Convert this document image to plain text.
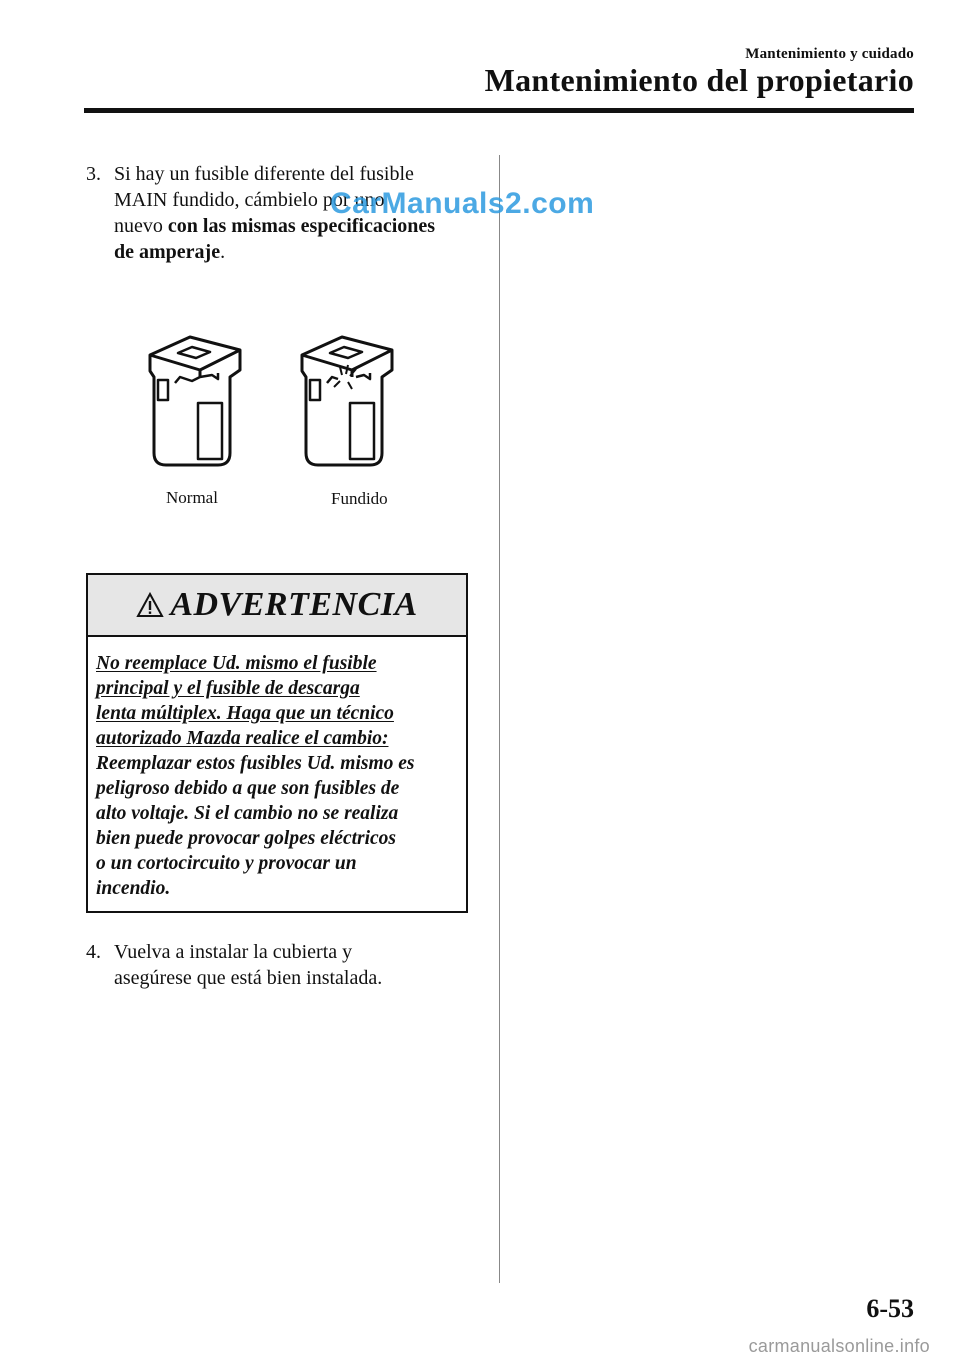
Mantenimiento y cuidado
Mantenimiento del propietario
3. Si hay un fusible diferente del fusible
MAIN fundido, cámbielo por uno
nuevo con las mismas especificaciones
de amperaje.
CarManuals2.com
Normal	Fundido
ADVERTENCIA
No reemplace Ud. mismo el fusible
principal y el fusible de descarga
lenta múltiplex. Haga que un técnico
autorizado Mazda realice el cambio:
Reemplazar estos fusibles Ud. mismo es
peligroso debido a que son fusibles de
alto voltaje. Si el cambio no se realiza
bien puede provocar golpes eléctricos
o un cortocircuito y provocar un
incendio.
4. Vuelva a instalar la cubierta y
asegúrese que está bien instalada.
6-53
carmanualsonline.info
